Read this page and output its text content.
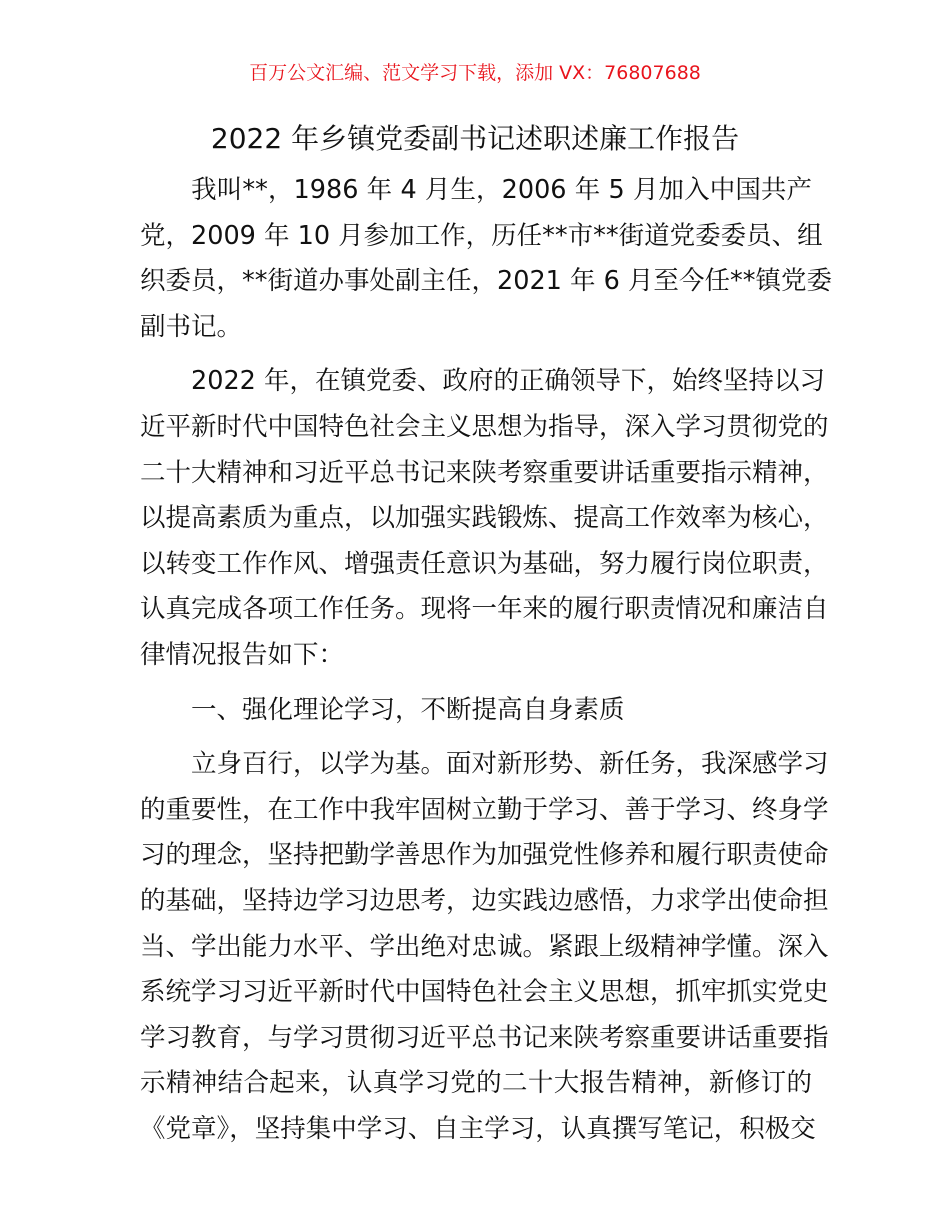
百万公文汇编、范文学习下载，添加 VX：76807688
2022 年乡镇党委副书记述职述廉工作报告
　　我叫**，1986 年 4 月生，2006 年 5 月加入中国共产
党，2009 年 10 月参加工作，历任**市**街道党委委员、组
织委员，**街道办事处副主任，2021 年 6 月至今任**镇党委
副书记。
　　2022 年，在镇党委、政府的正确领导下，始终坚持以习
近平新时代中国特色社会主义思想为指导，深入学习贯彻党的
二十大精神和习近平总书记来陕考察重要讲话重要指示精神，
以提高素质为重点，以加强实践锻炼、提高工作效率为核心，
以转变工作作风、增强责任意识为基础，努力履行岗位职责，
认真完成各项工作任务。现将一年来的履行职责情况和廉洁自
律情况报告如下：
　　一、强化理论学习，不断提高自身素质
　　立身百行，以学为基。面对新形势、新任务，我深感学习
的重要性，在工作中我牢固树立勤于学习、善于学习、终身学
习的理念，坚持把勤学善思作为加强党性修养和履行职责使命
的基础，坚持边学习边思考，边实践边感悟，力求学出使命担
当、学出能力水平、学出绝对忠诚。紧跟上级精神学懂。深入
系统学习习近平新时代中国特色社会主义思想，抓牢抓实党史
学习教育，与学习贯彻习近平总书记来陕考察重要讲话重要指
示精神结合起来，认真学习党的二十大报告精神，新修订的
《党章》，坚持集中学习、自主学习，认真撰写笔记，积极交
